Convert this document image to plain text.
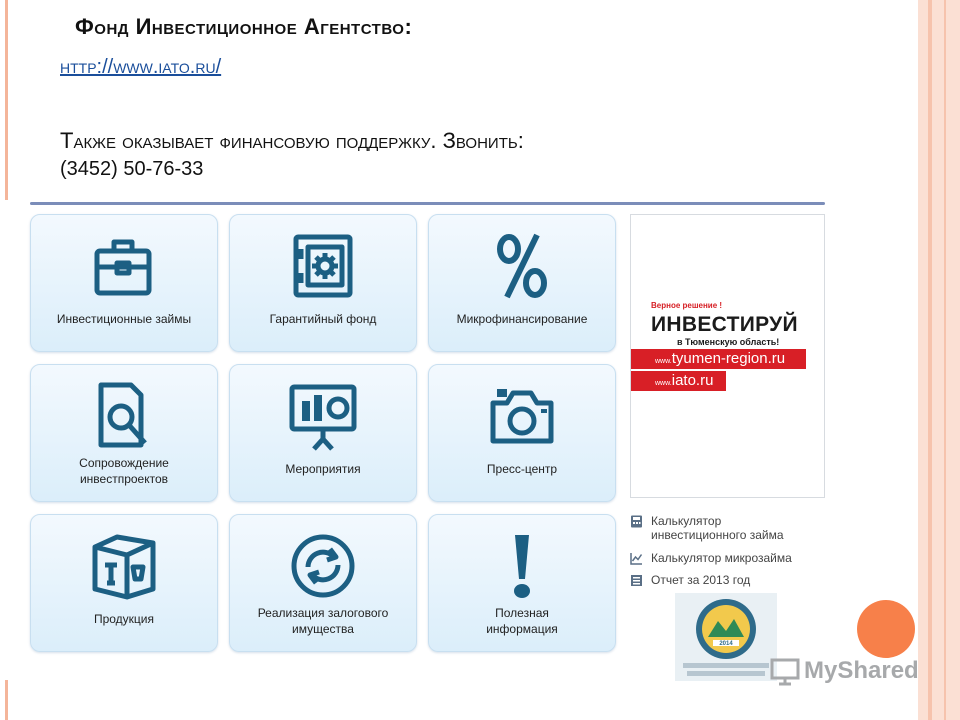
Фонд Инвестиционное Агентство:
http://www.iato.ru/
Также оказывает финансовую поддержку. Звонить:
(3452) 50-76-33
Инвестиционные займы	Гарантийный фонд	Микрофинансирование
Сопровождение
инвестпроектов
Мероприятия	Пресс-центр
Продукция	Реализация залогового
имущества
Полезная
информация
Верное решение !
ИНВЕСТИРУЙ
в Тюменскую область!
www.tyumen-region.ru
www.iato.ru
Калькулятор
инвестиционного займа
Калькулятор микрозайма
Отчет за 2013 год
2014
MyShared
